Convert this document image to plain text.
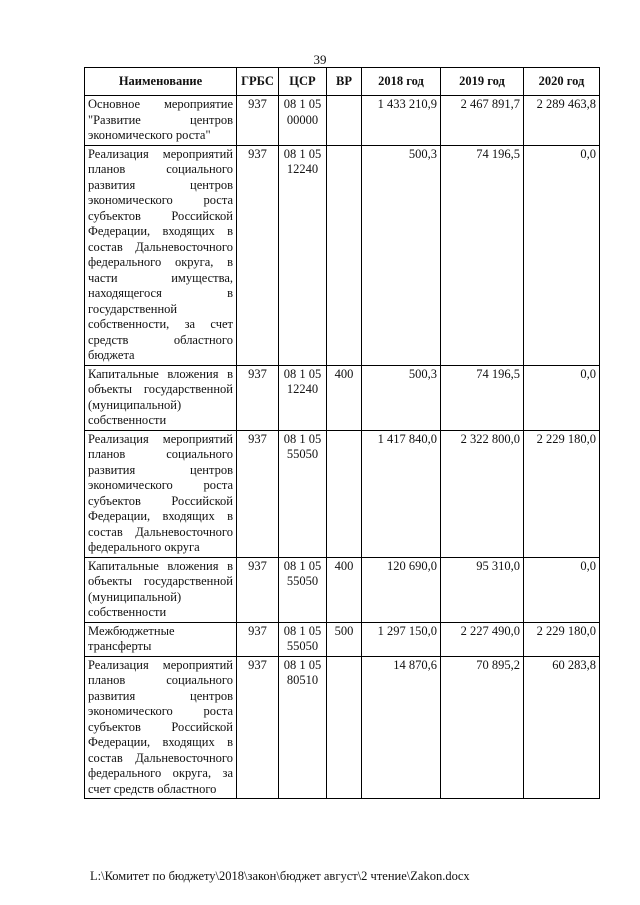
39
Наименование	ГРБС	ЦСР	ВР	2018 год	2019 год	2020 год
Основное мероприятие "Развитие центров экономического роста"	937	08 1 05 00000		1 433 210,9	2 467 891,7	2 289 463,8
Реализация мероприятий планов социального развития центров экономического роста субъектов Российской Федерации, входящих в состав Дальневосточного федерального округа, в части имущества, находящегося в государственной собственности, за счет средств областного бюджета	937	08 1 05 12240		500,3	74 196,5	0,0
Капитальные вложения в объекты государственной (муниципальной) собственности	937	08 1 05 12240	400	500,3	74 196,5	0,0
Реализация мероприятий планов социального развития центров экономического роста субъектов Российской Федерации, входящих в состав Дальневосточного федерального округа	937	08 1 05 55050		1 417 840,0	2 322 800,0	2 229 180,0
Капитальные вложения в объекты государственной (муниципальной) собственности	937	08 1 05 55050	400	120 690,0	95 310,0	0,0
Межбюджетные трансферты	937	08 1 05 55050	500	1 297 150,0	2 227 490,0	2 229 180,0
Реализация мероприятий планов социального развития центров экономического роста субъектов Российской Федерации, входящих в состав Дальневосточного федерального округа, за счет средств областного	937	08 1 05 80510		14 870,6	70 895,2	60 283,8
L:\Комитет по бюджету\2018\закон\бюджет август\2 чтение\Zakon.docx
